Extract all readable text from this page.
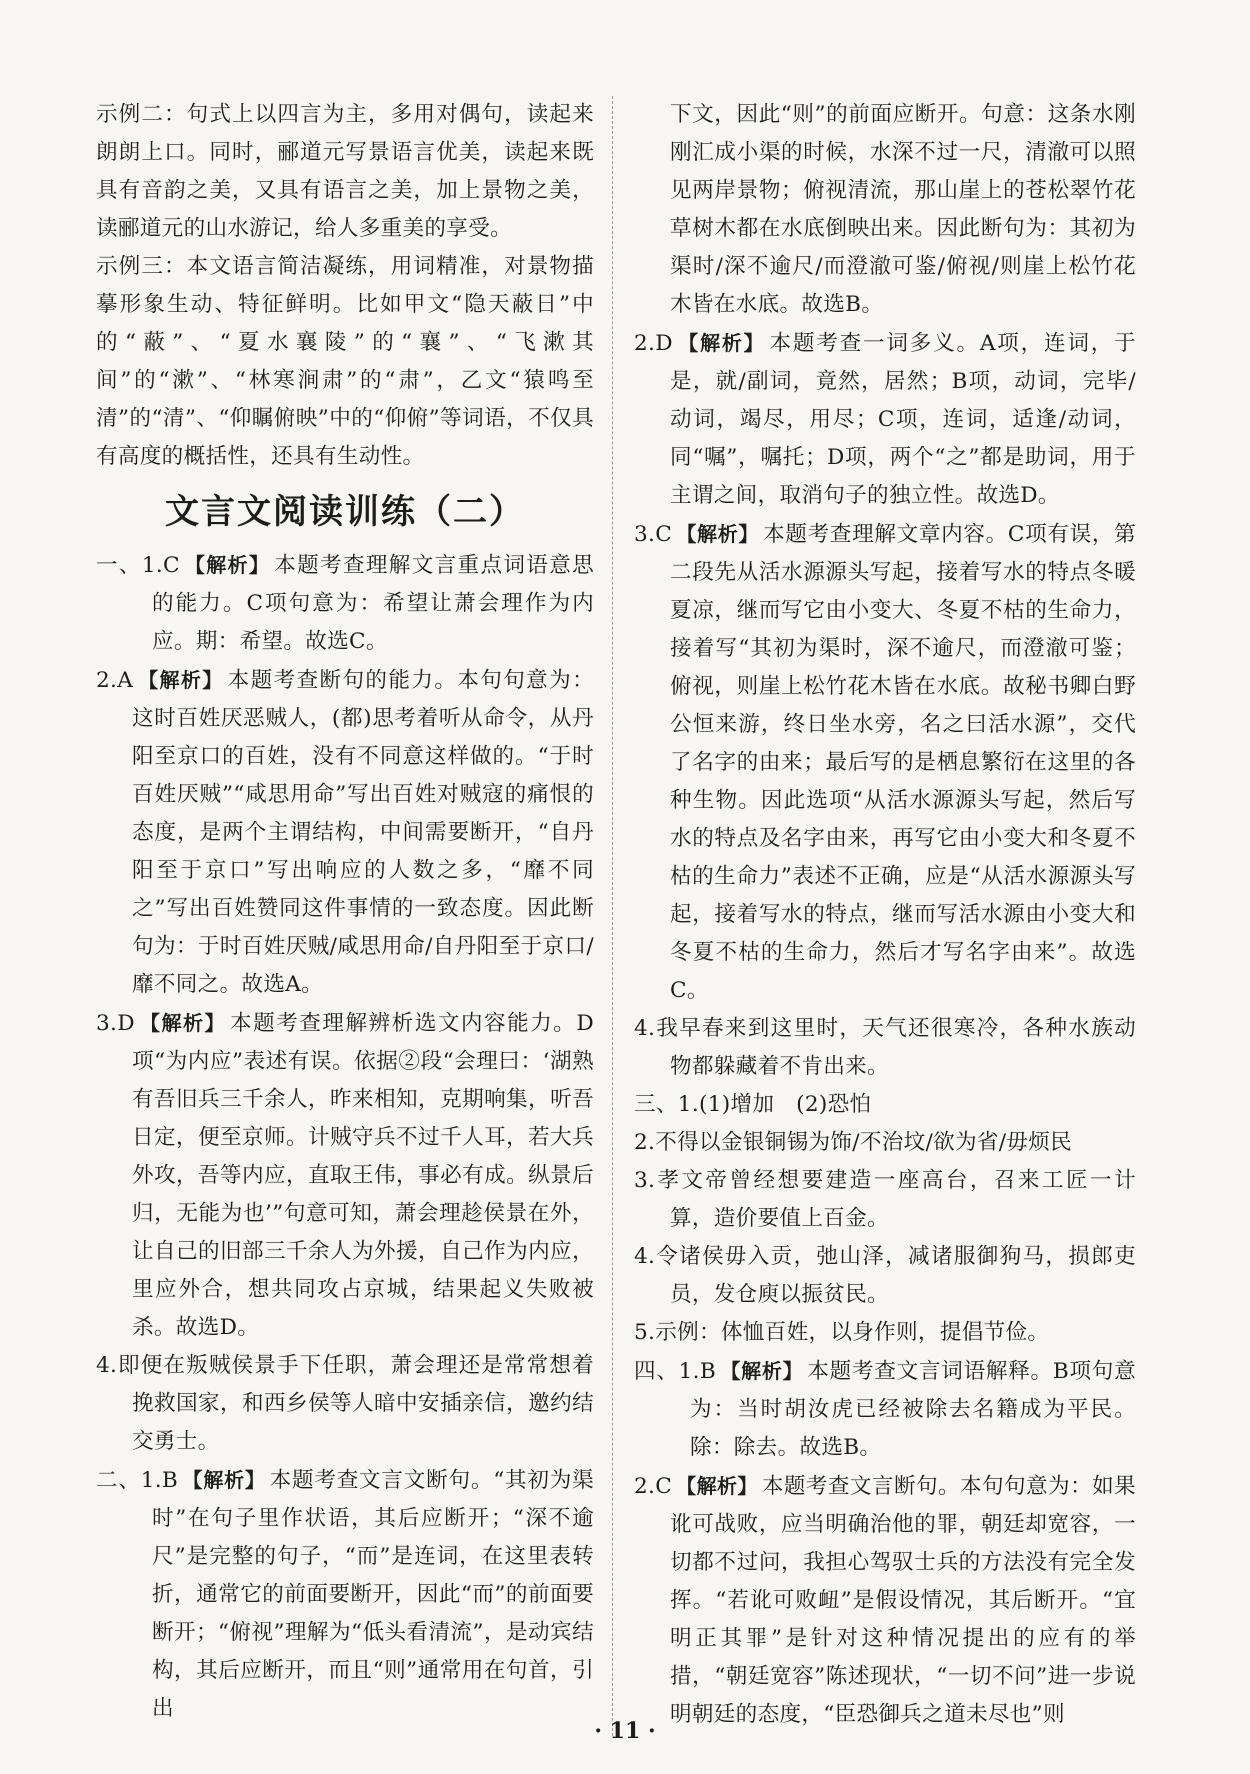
示例二：句式上以四言为主，多用对偶句，读起来朗朗上口。同时，郦道元写景语言优美，读起来既具有音韵之美，又具有语言之美，加上景物之美，读郦道元的山水游记，给人多重美的享受。

示例三：本文语言简洁凝练，用词精准，对景物描摹形象生动、特征鲜明。比如甲文“隐天蔽日”中的“蔽”、“夏水襄陵”的“襄”、“飞漱其间”的“漱”、“林寒涧肃”的“肃”，乙文“猿鸣至清”的“清”、“仰瞩俯映”中的“仰俯”等词语，不仅具有高度的概括性，还具有生动性。

文言文阅读训练（二）

一、1.C 【解析】 本题考查理解文言重点词语意思的能力。C项句意为：希望让萧会理作为内应。期：希望。故选C。

2.A 【解析】 本题考查断句的能力。本句句意为：这时百姓厌恶贼人，(都)思考着听从命令，从丹阳至京口的百姓，没有不同意这样做的。“于时百姓厌贼”“咸思用命”写出百姓对贼寇的痛恨的态度，是两个主谓结构，中间需要断开，“自丹阳至于京口”写出响应的人数之多，“靡不同之”写出百姓赞同这件事情的一致态度。因此断句为：于时百姓厌贼/咸思用命/自丹阳至于京口/靡不同之。故选A。

3.D 【解析】 本题考查理解辨析选文内容能力。D项“为内应”表述有误。依据②段“会理曰：‘湖熟有吾旧兵三千余人，昨来相知，克期响集，听吾日定，便至京师。计贼守兵不过千人耳，若大兵外攻，吾等内应，直取王伟，事必有成。纵景后归，无能为也’”句意可知，萧会理趁侯景在外，让自己的旧部三千余人为外援，自己作为内应，里应外合，想共同攻占京城，结果起义失败被杀。故选D。

4.即便在叛贼侯景手下任职，萧会理还是常常想着挽救国家，和西乡侯等人暗中安插亲信，邀约结交勇士。

二、1.B 【解析】 本题考查文言文断句。“其初为渠时”在句子里作状语，其后应断开；“深不逾尺”是完整的句子，“而”是连词，在这里表转折，通常它的前面要断开，因此“而”的前面要断开；“俯视”理解为“低头看清流”，是动宾结构，其后应断开，而且“则”通常用在句首，引出

下文，因此“则”的前面应断开。句意：这条水刚刚汇成小渠的时候，水深不过一尺，清澈可以照见两岸景物；俯视清流，那山崖上的苍松翠竹花草树木都在水底倒映出来。因此断句为：其初为渠时/深不逾尺/而澄澈可鉴/俯视/则崖上松竹花木皆在水底。故选B。

2.D 【解析】 本题考查一词多义。A项，连词，于是，就/副词，竟然，居然；B项，动词，完毕/动词，竭尽，用尽；C项，连词，适逢/动词，同“嘱”，嘱托；D项，两个“之”都是助词，用于主谓之间，取消句子的独立性。故选D。

3.C 【解析】 本题考查理解文章内容。C项有误，第二段先从活水源源头写起，接着写水的特点冬暖夏凉，继而写它由小变大、冬夏不枯的生命力，接着写“其初为渠时，深不逾尺，而澄澈可鉴；俯视，则崖上松竹花木皆在水底。故秘书卿白野公恒来游，终日坐水旁，名之曰活水源”，交代了名字的由来；最后写的是栖息繁衍在这里的各种生物。因此选项“从活水源源头写起，然后写水的特点及名字由来，再写它由小变大和冬夏不枯的生命力”表述不正确，应是“从活水源源头写起，接着写水的特点，继而写活水源由小变大和冬夏不枯的生命力，然后才写名字由来”。故选C。

4.我早春来到这里时，天气还很寒冷，各种水族动物都躲藏着不肯出来。

三、1.(1)增加　(2)恐怕

2.不得以金银铜锡为饰/不治坟/欲为省/毋烦民

3.孝文帝曾经想要建造一座高台，召来工匠一计算，造价要值上百金。

4.令诸侯毋入贡，弛山泽，减诸服御狗马，损郎吏员，发仓庾以振贫民。

5.示例：体恤百姓，以身作则，提倡节俭。

四、1.B 【解析】 本题考查文言词语解释。B项句意为：当时胡汝虎已经被除去名籍成为平民。除：除去。故选B。

2.C 【解析】 本题考查文言断句。本句句意为：如果讹可战败，应当明确治他的罪，朝廷却宽容，一切都不过问，我担心驾驭士兵的方法没有完全发挥。“若讹可败衄”是假设情况，其后断开。“宜明正其罪”是针对这种情况提出的应有的举措，“朝廷宽容”陈述现状，“一切不问”进一步说明朝廷的态度，“臣恐御兵之道未尽也”则

· 11 ·
